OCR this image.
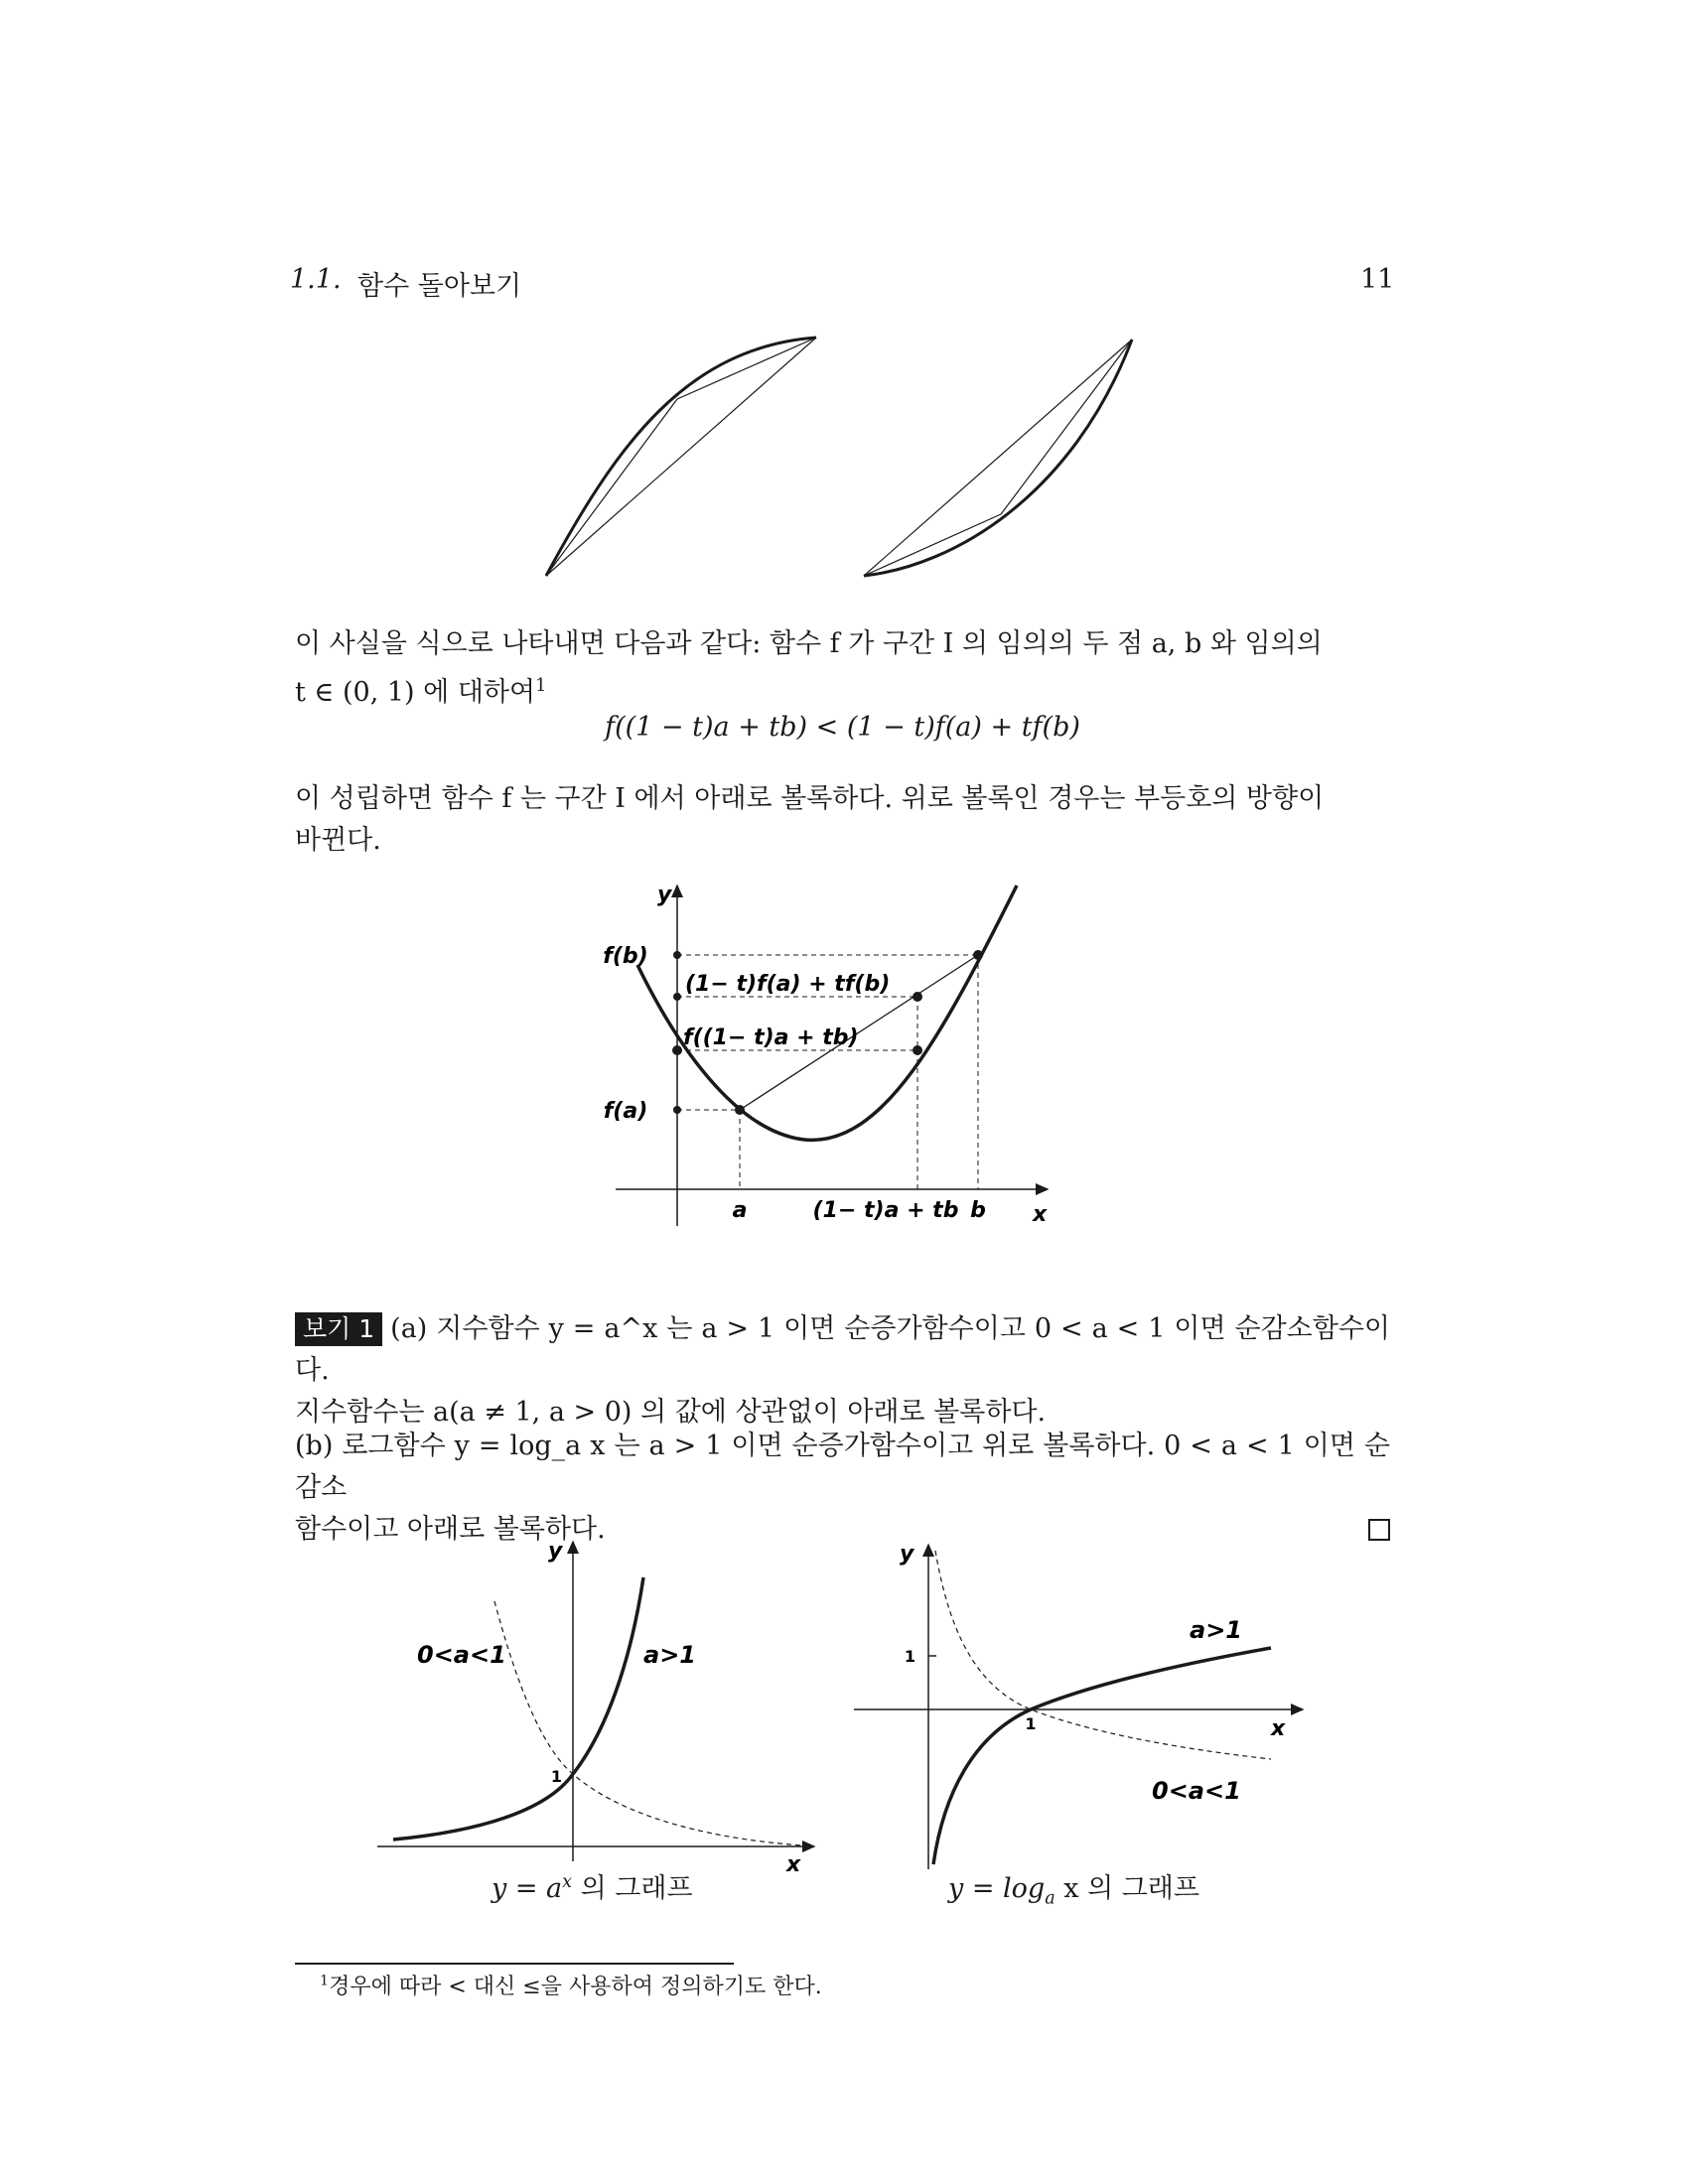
1.1. 함수 돌아보기	11
이 사실을 식으로 나타내면 다음과 같다: 함수 f 가 구간 I 의 임의의 두 점 a, b 와 임의의
t ∈ (0, 1) 에 대하여$^1$
f((1 − t)a + tb) < (1 − t)f(a) + tf(b)
이 성립하면 함수 f 는 구간 I 에서 아래로 볼록하다. 위로 볼록인 경우는 부등호의 방향이
바뀐다.
y
x
f(b)
(1− t)f(a) + tf(b)
f((1− t)a + tb)
f(a)
a	(1− t)a + tb b
보기 1 (a) 지수함수 y = a^x 는 a > 1 이면 순증가함수이고 0 < a < 1 이면 순감소함수이다.
지수함수는 a(a ≠ 1, a > 0) 의 값에 상관없이 아래로 볼록하다.
(b) 로그함수 y = log_a x 는 a > 1 이면 순증가함수이고 위로 볼록하다. 0 < a < 1 이면 순감소
함수이고 아래로 볼록하다.
y
x
1
0<a<1	a>1
$y = a^x$ 의 그래프
y
x
1
1
a>1
0<a<1
$y = \log_a x$ 의 그래프
$^1$경우에 따라 < 대신 ≤을 사용하여 정의하기도 한다.
